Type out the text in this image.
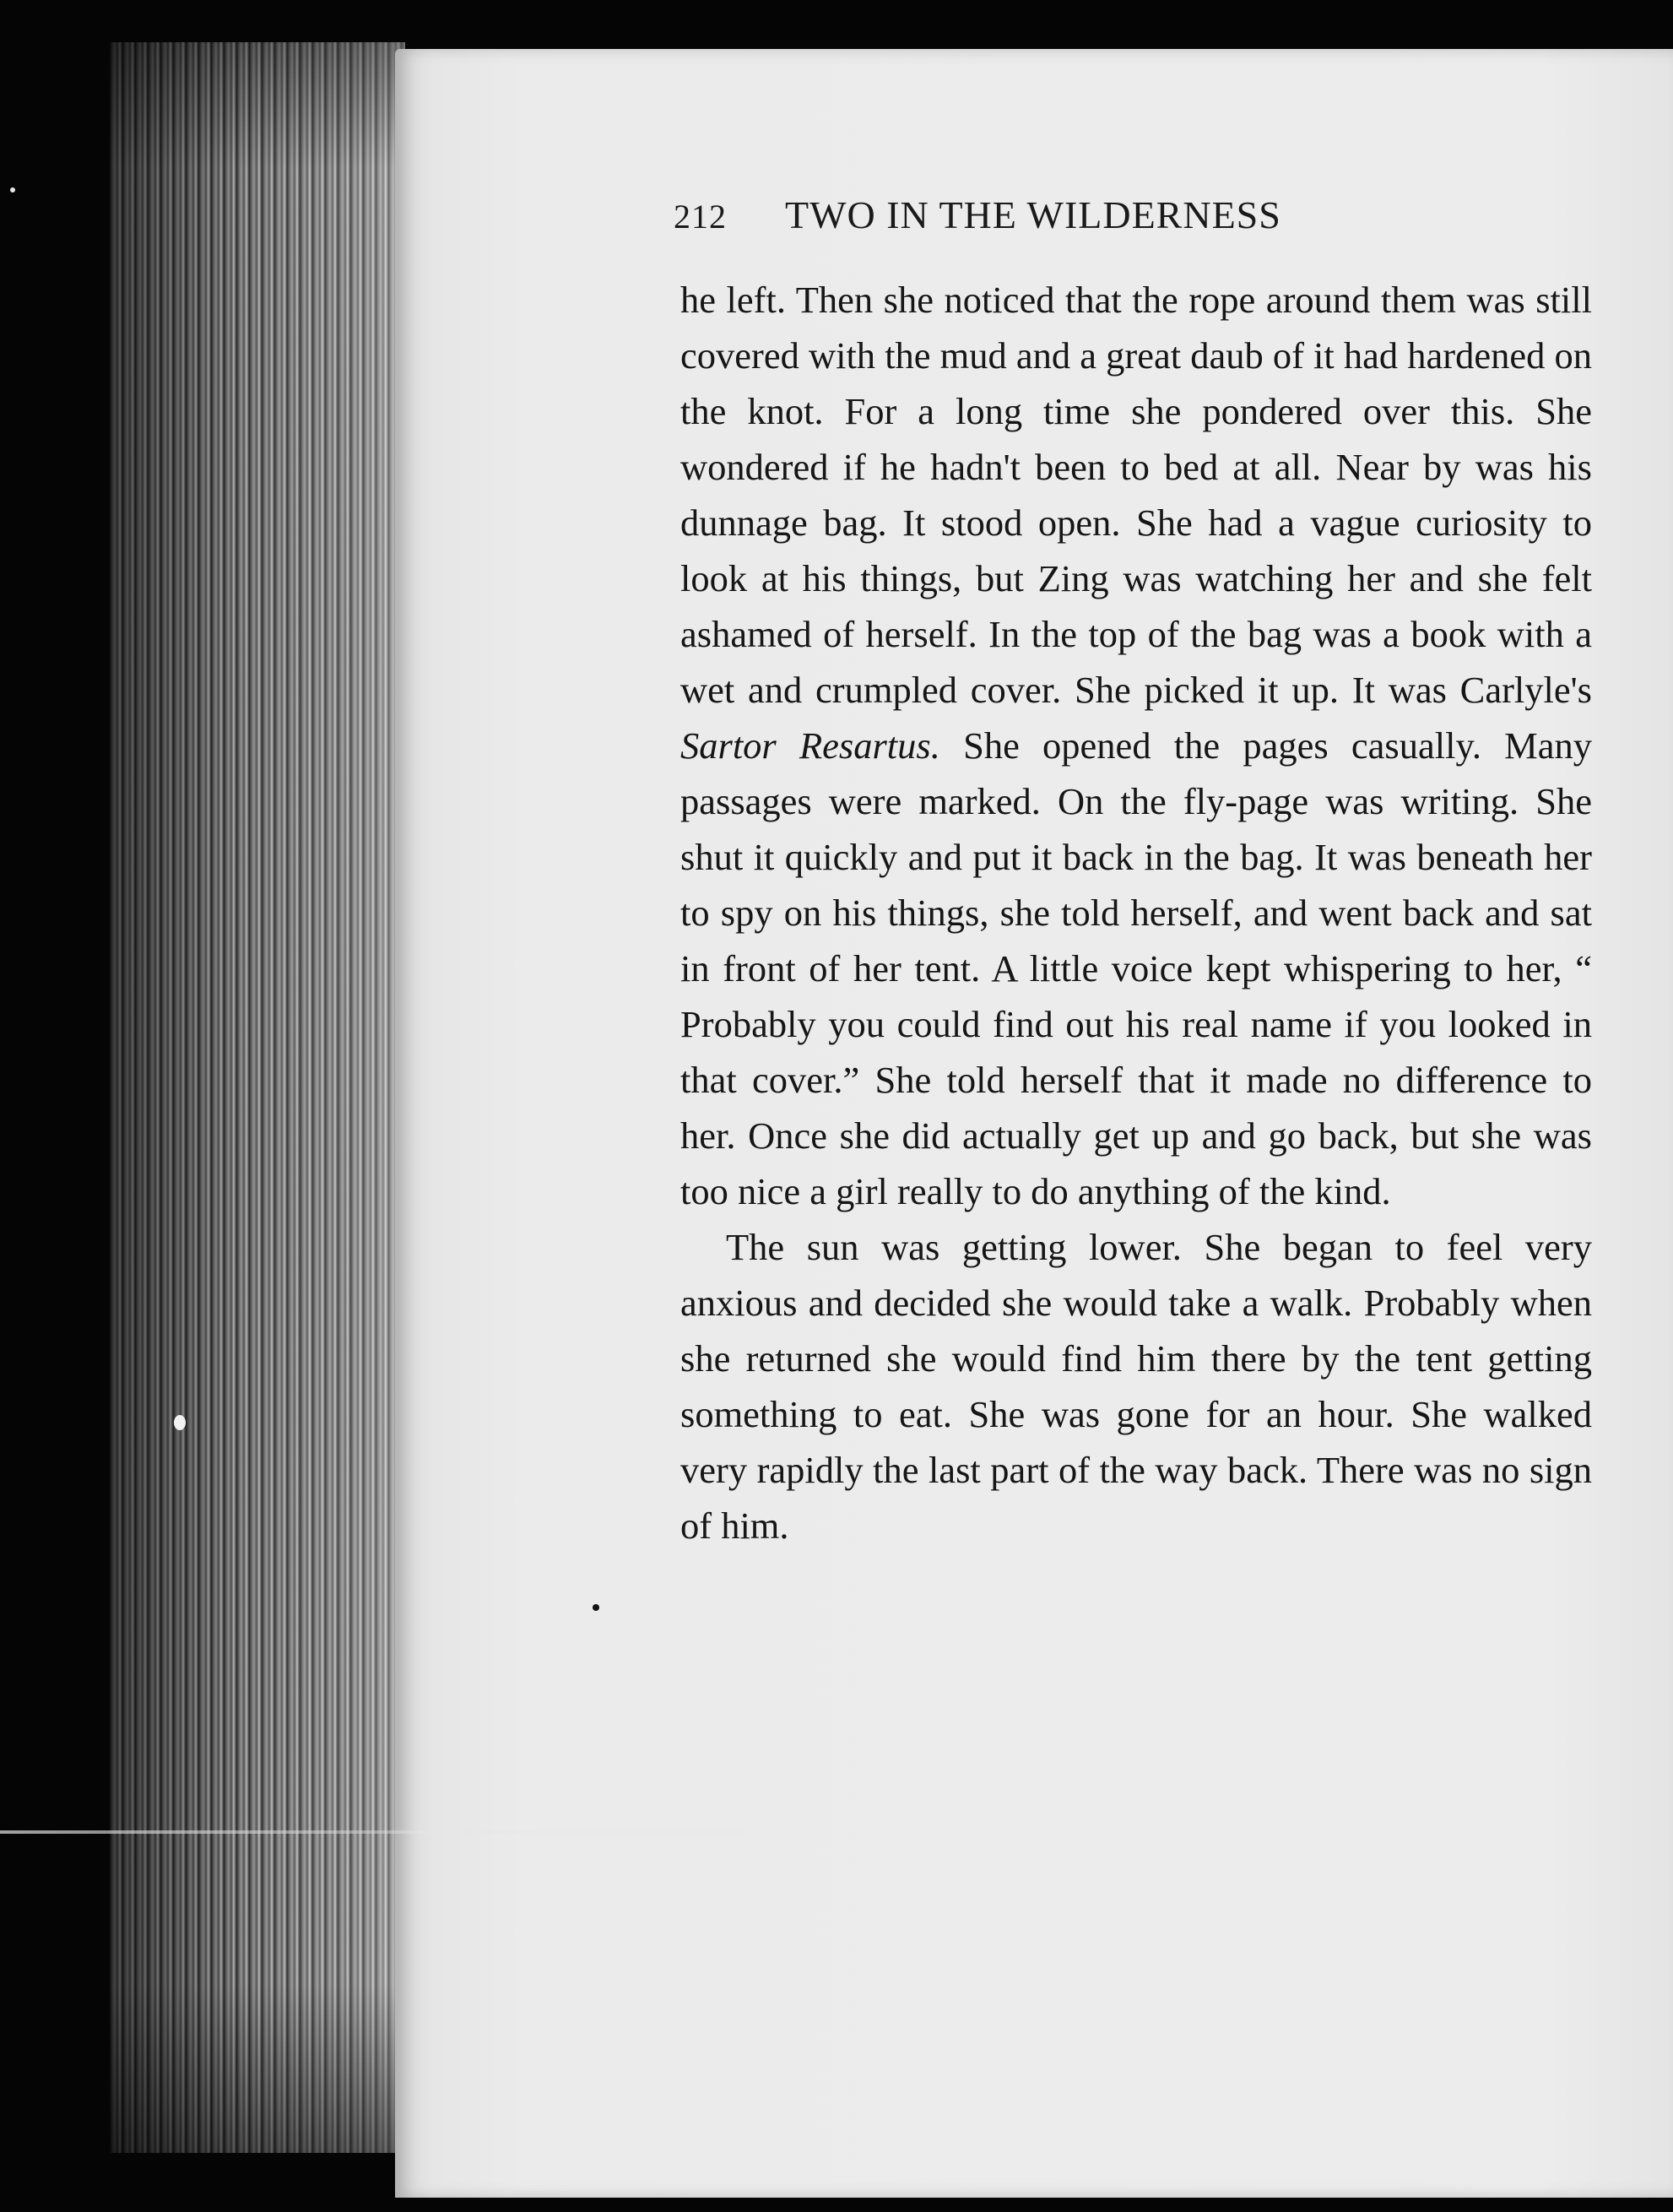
212 TWO IN THE WILDERNESS

he left. Then she noticed that the rope around them was still covered with the mud and a great daub of it had hardened on the knot. For a long time she pondered over this. She wondered if he hadn't been to bed at all. Near by was his dunnage bag. It stood open. She had a vague curiosity to look at his things, but Zing was watching her and she felt ashamed of herself. In the top of the bag was a book with a wet and crumpled cover. She picked it up. It was Carlyle's Sartor Resartus. She opened the pages casually. Many passages were marked. On the fly-page was writing. She shut it quickly and put it back in the bag. It was beneath her to spy on his things, she told herself, and went back and sat in front of her tent. A little voice kept whispering to her, “ Probably you could find out his real name if you looked in that cover.” She told herself that it made no difference to her. Once she did actually get up and go back, but she was too nice a girl really to do anything of the kind.

The sun was getting lower. She began to feel very anxious and decided she would take a walk. Probably when she returned she would find him there by the tent getting something to eat. She was gone for an hour. She walked very rapidly the last part of the way back. There was no sign of him.
